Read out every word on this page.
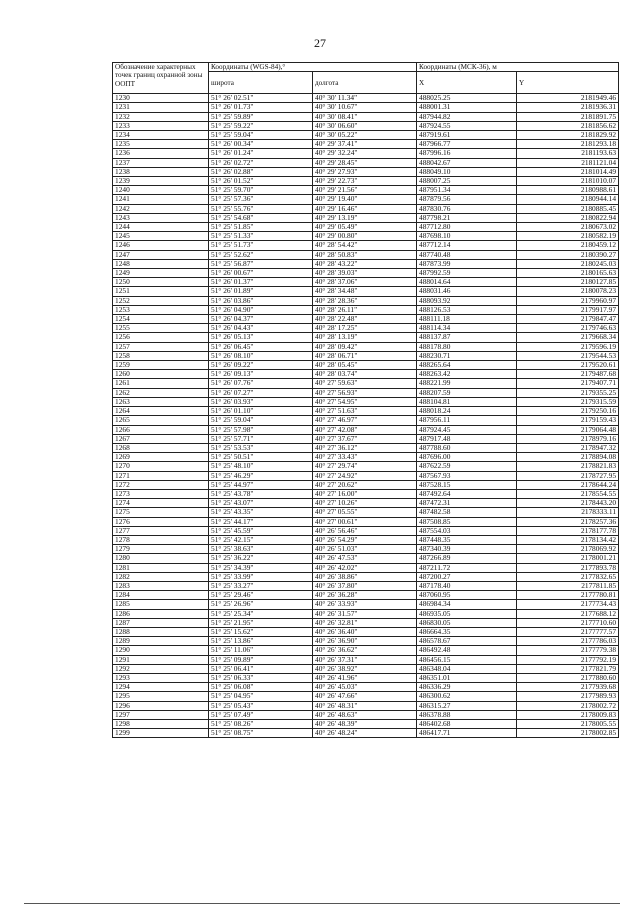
27
Обозначение характерных точек границ охранной зоны ООПТ	Координаты (WGS-84),°		Координаты (МСК-36), м	
	широта	долгота	X	Y
1230	51° 26' 02.51"	40° 30' 11.34"	488025.25	2181949.46
1231	51° 26' 01.73"	40° 30' 10.67"	488001.31	2181936.31
1232	51° 25' 59.89"	40° 30' 08.41"	487944.82	2181891.75
1233	51° 25' 59.22"	40° 30' 06.60"	487924.55	2181856.62
1234	51° 25' 59.04"	40° 30' 05.22"	487919.61	2181829.92
1235	51° 26' 00.34"	40° 29' 37.41"	487966.77	2181293.18
1236	51° 26' 01.24"	40° 29' 32.24"	487996.16	2181193.63
1237	51° 26' 02.72"	40° 29' 28.45"	488042.67	2181121.04
1238	51° 26' 02.88"	40° 29' 27.93"	488049.10	2181014.49
1239	51° 26' 01.52"	40° 29' 22.73"	488007.25	2181010.07
1240	51° 25' 59.70"	40° 29' 21.56"	487951.34	2180988.61
1241	51° 25' 57.36"	40° 29' 19.40"	487879.56	2180944.14
1242	51° 25' 55.76"	40° 29' 16.46"	487830.76	2180885.45
1243	51° 25' 54.68"	40° 29' 13.19"	487798.21	2180822.94
1244	51° 25' 51.85"	40° 29' 05.49"	487712.80	2180673.02
1245	51° 25' 51.33"	40° 29' 00.80"	487698.10	2180582.19
1246	51° 25' 51.73"	40° 28' 54.42"	487712.14	2180459.12
1247	51° 25' 52.62"	40° 28' 50.83"	487740.48	2180390.27
1248	51° 25' 56.87"	40° 28' 43.22"	487873.99	2180245.03
1249	51° 26' 00.67"	40° 28' 39.03"	487992.59	2180165.63
1250	51° 26' 01.37"	40° 28' 37.06"	488014.64	2180127.85
1251	51° 26' 01.89"	40° 28' 34.48"	488031.46	2180078.23
1252	51° 26' 03.86"	40° 28' 28.36"	488093.92	2179960.97
1253	51° 26' 04.90"	40° 28' 26.11"	488126.53	2179917.97
1254	51° 26' 04.37"	40° 28' 22.48"	488111.18	2179847.47
1255	51° 26' 04.43"	40° 28' 17.25"	488114.34	2179746.63
1256	51° 26' 05.13"	40° 28' 13.19"	488137.87	2179668.34
1257	51° 26' 06.45"	40° 28' 09.42"	488178.80	2179596.19
1258	51° 26' 08.10"	40° 28' 06.71"	488230.71	2179544.53
1259	51° 26' 09.22"	40° 28' 05.45"	488265.64	2179520.61
1260	51° 26' 09.13"	40° 28' 03.74"	488263.42	2179487.68
1261	51° 26' 07.76"	40° 27' 59.63"	488221.99	2179407.71
1262	51° 26' 07.27"	40° 27' 56.93"	488207.59	2179355.25
1263	51° 26' 03.93"	40° 27' 54.95"	488104.81	2179315.59
1264	51° 26' 01.10"	40° 27' 51.63"	488018.24	2179250.16
1265	51° 25' 59.04"	40° 27' 46.97"	487956.11	2179159.43
1266	51° 25' 57.98"	40° 27' 42.08"	487924.45	2179064.48
1267	51° 25' 57.71"	40° 27' 37.67"	487917.48	2178979.16
1268	51° 25' 53.53"	40° 27' 36.12"	487788.60	2178947.32
1269	51° 25' 50.51"	40° 27' 33.43"	487696.00	2178894.08
1270	51° 25' 48.10"	40° 27' 29.74"	487622.59	2178821.83
1271	51° 25' 46.29"	40° 27' 24.92"	487567.93	2178727.95
1272	51° 25' 44.97"	40° 27' 20.62"	487528.15	2178644.24
1273	51° 25' 43.78"	40° 27' 16.00"	487492.64	2178554.55
1274	51° 25' 43.07"	40° 27' 10.26"	487472.31	2178443.20
1275	51° 25' 43.35"	40° 27' 05.55"	487482.58	2178333.11
1276	51° 25' 44.17"	40° 27' 00.61"	487508.85	2178257.36
1277	51° 25' 45.59"	40° 26' 56.46"	487554.03	2178177.78
1278	51° 25' 42.15"	40° 26' 54.29"	487448.35	2178134.42
1279	51° 25' 38.63"	40° 26' 51.03"	487340.39	2178069.92
1280	51° 25' 36.22"	40° 26' 47.53"	487266.89	2178001.21
1281	51° 25' 34.39"	40° 26' 42.02"	487211.72	2177893.78
1282	51° 25' 33.99"	40° 26' 38.86"	487200.27	2177832.65
1283	51° 25' 33.27"	40° 26' 37.80"	487178.40	2177811.85
1284	51° 25' 29.46"	40° 26' 36.28"	487060.95	2177780.81
1285	51° 25' 26.96"	40° 26' 33.93"	486984.34	2177734.43
1286	51° 25' 25.34"	40° 26' 31.57"	486935.05	2177688.12
1287	51° 25' 21.95"	40° 26' 32.81"	486830.05	2177710.60
1288	51° 25' 15.62"	40° 26' 36.40"	486664.35	2177777.57
1289	51° 25' 13.86"	40° 26' 36.90"	486578.67	2177786.03
1290	51° 25' 11.06"	40° 26' 36.62"	486492.48	2177779.38
1291	51° 25' 09.89"	40° 26' 37.31"	486456.15	2177792.19
1292	51° 25' 06.41"	40° 26' 38.92"	486348.04	2177821.79
1293	51° 25' 06.33"	40° 26' 41.96"	486351.01	2177880.60
1294	51° 25' 06.08"	40° 26' 45.03"	486336.29	2177939.68
1295	51° 25' 04.95"	40° 26' 47.66"	486300.62	2177989.93
1296	51° 25' 05.43"	40° 26' 48.31"	486315.27	2178002.72
1297	51° 25' 07.49"	40° 26' 48.63"	486378.88	2178009.83
1298	51° 25' 08.26"	40° 26' 48.39"	486402.68	2178005.55
1299	51° 25' 08.75"	40° 26' 48.24"	486417.71	2178002.85
